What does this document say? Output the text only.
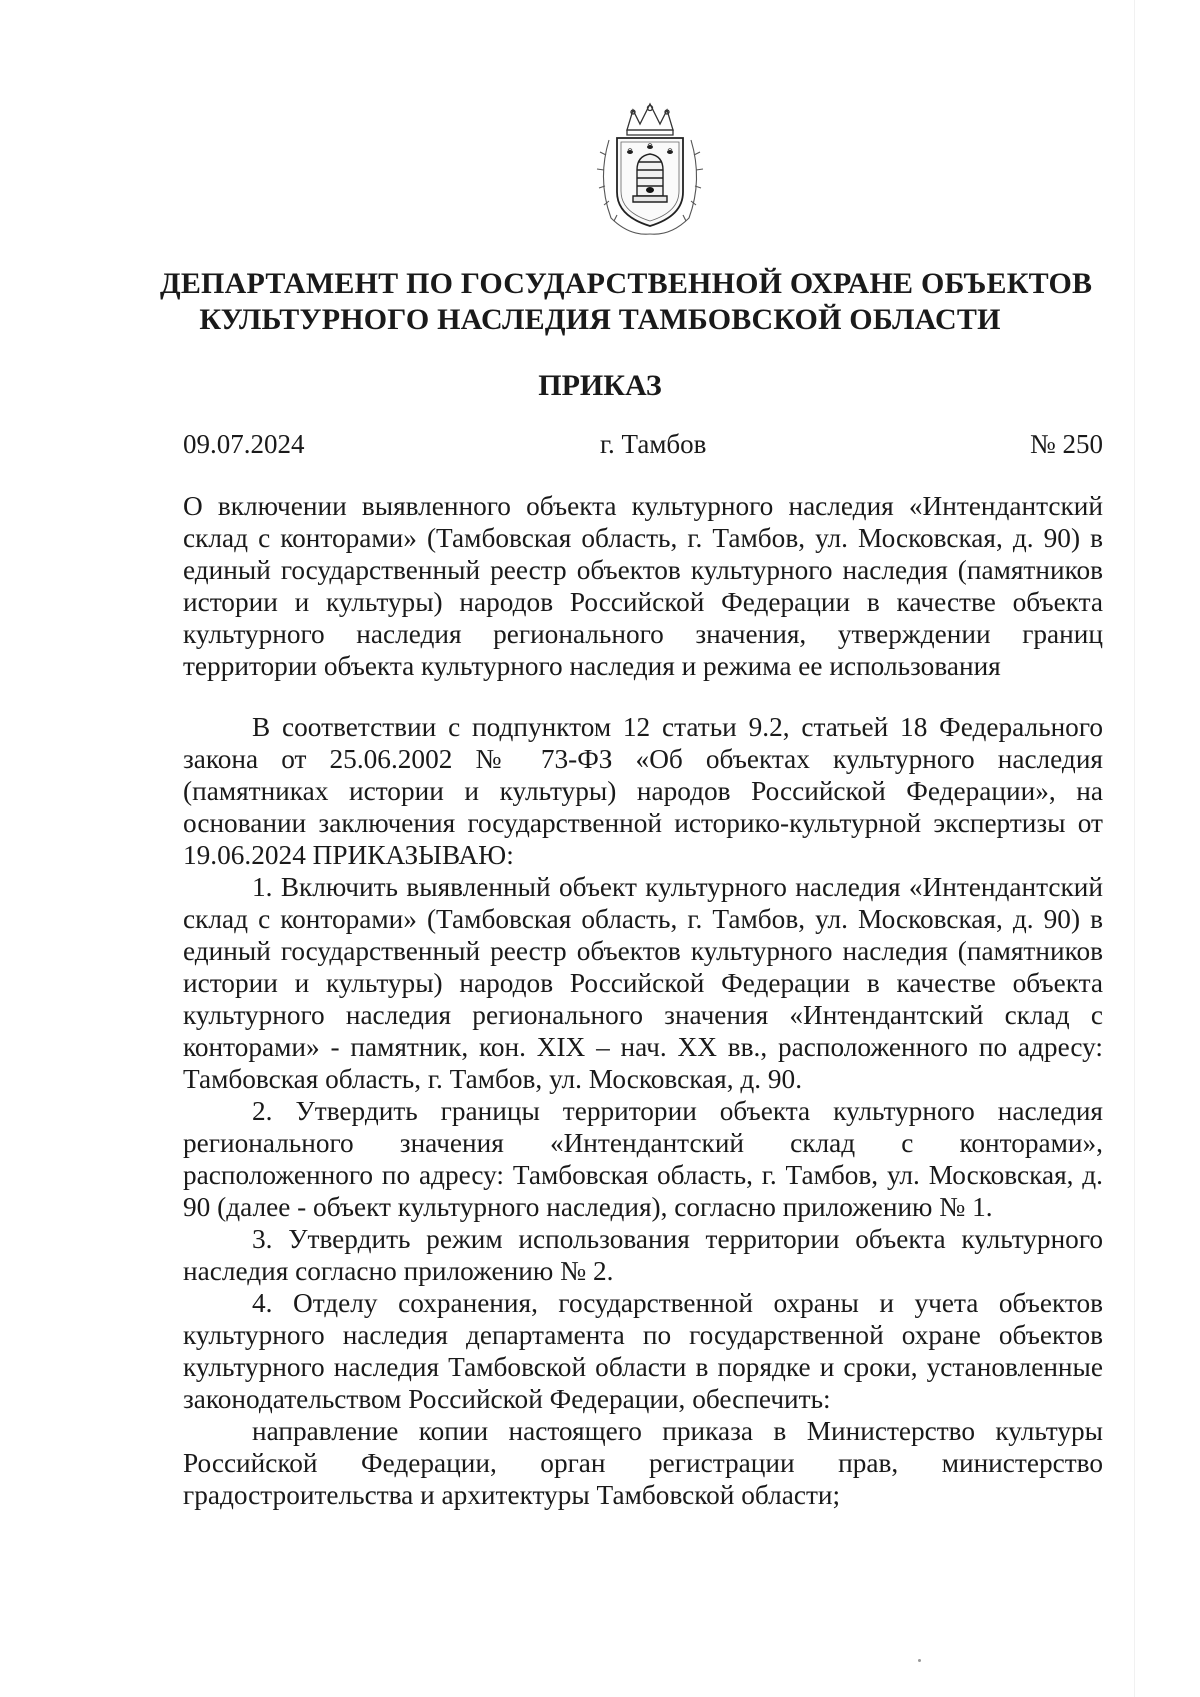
ДЕПАРТАМЕНТ ПО ГОСУДАРСТВЕННОЙ ОХРАНЕ ОБЪЕКТОВ
КУЛЬТУРНОГО НАСЛЕДИЯ ТАМБОВСКОЙ ОБЛАСТИ
ПРИКАЗ
09.07.2024	г. Тамбов	№ 250

О включении выявленного объекта культурного наследия «Интендантский склад с конторами» (Тамбовская область, г. Тамбов, ул. Московская, д. 90) в единый государственный реестр объектов культурного наследия (памятников истории и культуры) народов Российской Федерации в качестве объекта культурного наследия регионального значения, утверждении границ территории объекта культурного наследия и режима ее использования

В соответствии с подпунктом 12 статьи 9.2, статьей 18 Федерального закона от 25.06.2002 № 73-ФЗ «Об объектах культурного наследия (памятниках истории и культуры) народов Российской Федерации», на основании заключения государственной историко-культурной экспертизы от 19.06.2024 ПРИКАЗЫВАЮ:

1. Включить выявленный объект культурного наследия «Интендантский склад с конторами» (Тамбовская область, г. Тамбов, ул. Московская, д. 90) в единый государственный реестр объектов культурного наследия (памятников истории и культуры) народов Российской Федерации в качестве объекта культурного наследия регионального значения «Интендантский склад с конторами» - памятник, кон. XIX – нач. XX вв., расположенного по адресу: Тамбовская область, г. Тамбов, ул. Московская, д. 90.

2. Утвердить границы территории объекта культурного наследия регионального значения «Интендантский склад с конторами», расположенного по адресу: Тамбовская область, г. Тамбов, ул. Московская, д. 90 (далее - объект культурного наследия), согласно приложению № 1.

3. Утвердить режим использования территории объекта культурного наследия согласно приложению № 2.

4. Отделу сохранения, государственной охраны и учета объектов культурного наследия департамента по государственной охране объектов культурного наследия Тамбовской области в порядке и сроки, установленные законодательством Российской Федерации, обеспечить:

направление копии настоящего приказа в Министерство культуры Российской Федерации, орган регистрации прав, министерство градостроительства и архитектуры Тамбовской области;
